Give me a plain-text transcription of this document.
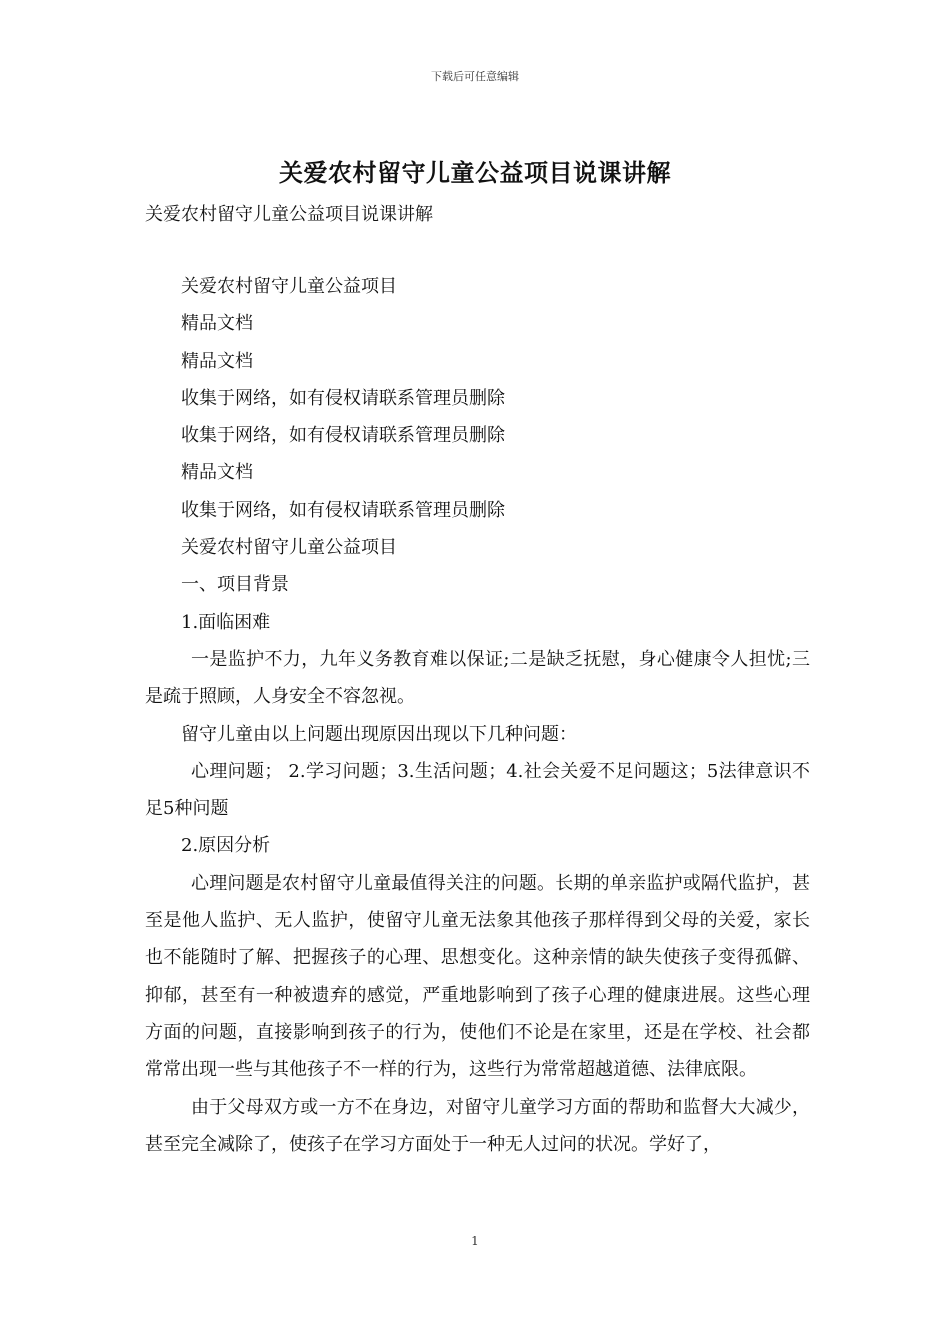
下载后可任意编辑
关爱农村留守儿童公益项目说课讲解
关爱农村留守儿童公益项目说课讲解

关爱农村留守儿童公益项目

精品文档

精品文档

收集于网络，如有侵权请联系管理员删除

收集于网络，如有侵权请联系管理员删除

精品文档

收集于网络，如有侵权请联系管理员删除

关爱农村留守儿童公益项目

一、项目背景

1.面临困难

一是监护不力，九年义务教育难以保证;二是缺乏抚慰，身心健康令人担忧;三是疏于照顾，人身安全不容忽视。

留守儿童由以上问题出现原因出现以下几种问题：

心理问题； 2.学习问题；3.生活问题；4.社会关爱不足问题这；5法律意识不足5种问题

2.原因分析

心理问题是农村留守儿童最值得关注的问题。长期的单亲监护或隔代监护，甚至是他人监护、无人监护，使留守儿童无法象其他孩子那样得到父母的关爱，家长也不能随时了解、把握孩子的心理、思想变化。这种亲情的缺失使孩子变得孤僻、抑郁，甚至有一种被遗弃的感觉，严重地影响到了孩子心理的健康进展。这些心理方面的问题，直接影响到孩子的行为，使他们不论是在家里，还是在学校、社会都常常出现一些与其他孩子不一样的行为，这些行为常常超越道德、法律底限。

由于父母双方或一方不在身边，对留守儿童学习方面的帮助和监督大大减少，甚至完全减除了，使孩子在学习方面处于一种无人过问的状况。学好了，

1
